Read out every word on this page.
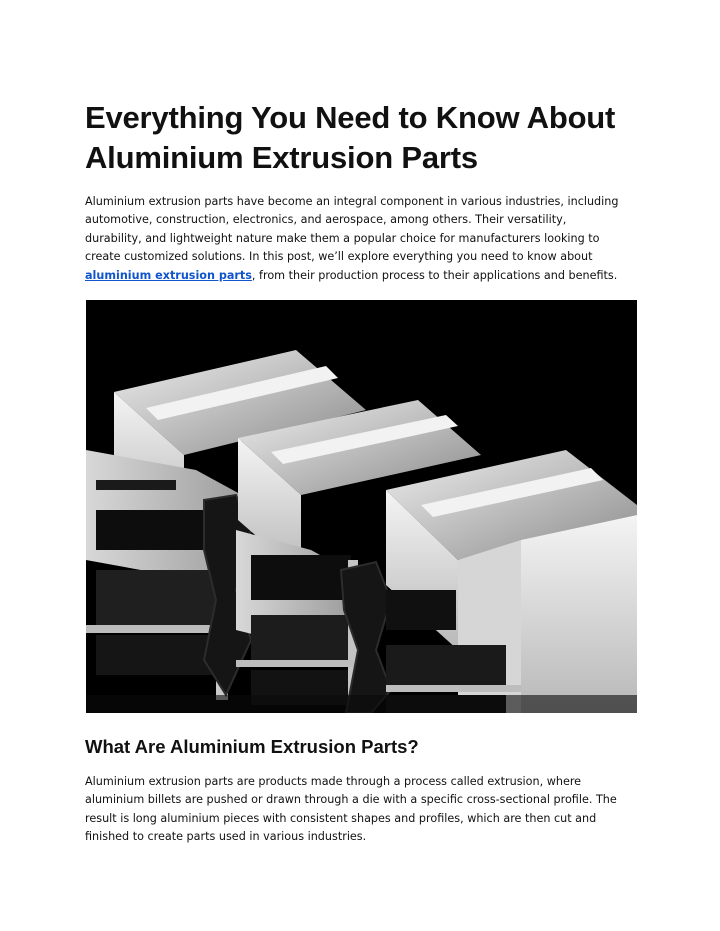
Everything You Need to Know About Aluminium Extrusion Parts

Aluminium extrusion parts have become an integral component in various industries, including automotive, construction, electronics, and aerospace, among others. Their versatility, durability, and lightweight nature make them a popular choice for manufacturers looking to create customized solutions. In this post, we’ll explore everything you need to know about aluminium extrusion parts, from their production process to their applications and benefits.

What Are Aluminium Extrusion Parts?

Aluminium extrusion parts are products made through a process called extrusion, where aluminium billets are pushed or drawn through a die with a specific cross-sectional profile. The result is long aluminium pieces with consistent shapes and profiles, which are then cut and finished to create parts used in various industries.
